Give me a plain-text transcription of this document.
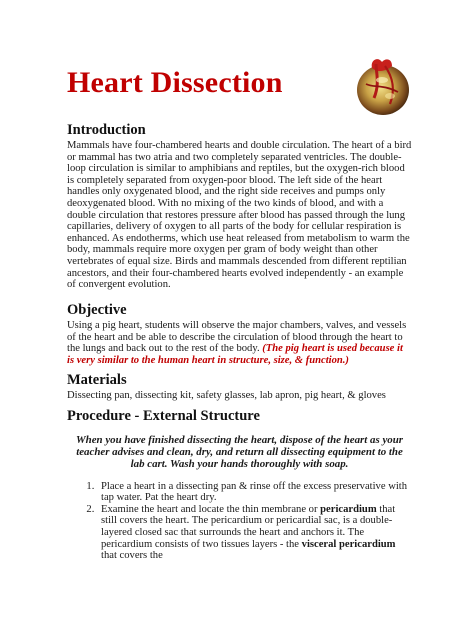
Heart Dissection
Introduction

Mammals have four-chambered hearts and double circulation. The heart of a bird or mammal has two atria and two completely separated ventricles. The double-loop circulation is similar to amphibians and reptiles, but the oxygen-rich blood is completely separated from oxygen-poor blood. The left side of the heart handles only oxygenated blood, and the right side receives and pumps only deoxygenated blood. With no mixing of the two kinds of blood, and with a double circulation that restores pressure after blood has passed through the lung capillaries, delivery of oxygen to all parts of the body for cellular respiration is enhanced. As endotherms, which use heat released from metabolism to warm the body, mammals require more oxygen per gram of body weight than other vertebrates of equal size. Birds and mammals descended from different reptilian ancestors, and their four-chambered hearts evolved independently - an example of convergent evolution.

Objective

Using a pig heart, students will observe the major chambers, valves, and vessels of the heart and be able to describe the circulation of blood through the heart to the lungs and back out to the rest of the body. (The pig heart is used because it is very similar to the human heart in structure, size, & function.)

Materials

Dissecting pan, dissecting kit, safety glasses, lab apron, pig heart, & gloves

Procedure - External Structure

When you have finished dissecting the heart, dispose of the heart as your teacher advises and clean, dry, and return all dissecting equipment to the lab cart. Wash your hands thoroughly with soap.

1. Place a heart in a dissecting pan & rinse off the excess preservative with tap water. Pat the heart dry.
2. Examine the heart and locate the thin membrane or pericardium that still covers the heart. The pericardium or pericardial sac, is a double-layered closed sac that surrounds the heart and anchors it. The pericardium consists of two tissues layers - the visceral pericardium that covers the
